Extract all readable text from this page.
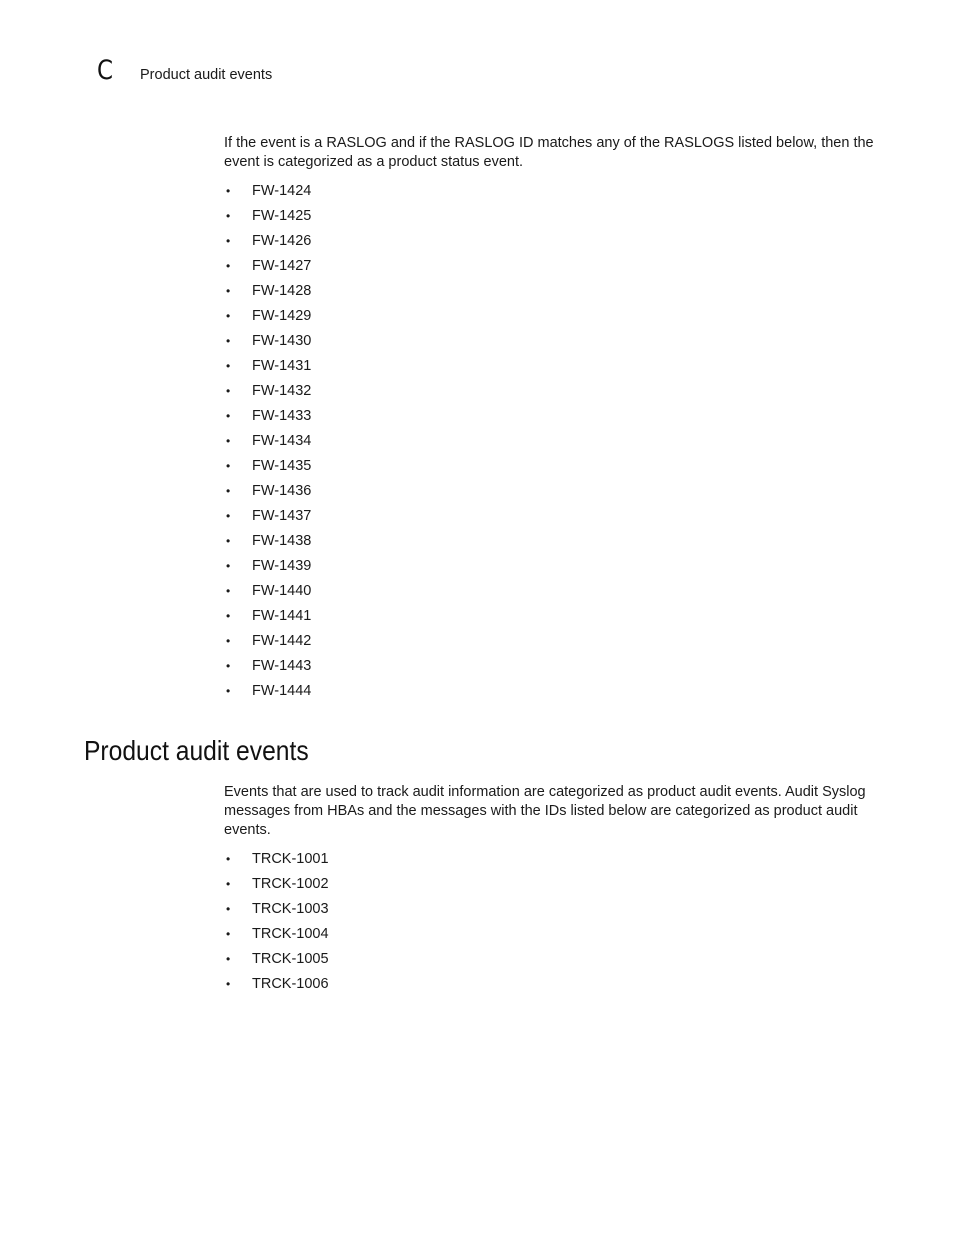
C	Product audit events

If the event is a RASLOG and if the RASLOG ID matches any of the RASLOGS listed below, then the event is categorized as a product status event.

•	FW-1424
•	FW-1425
•	FW-1426
•	FW-1427
•	FW-1428
•	FW-1429
•	FW-1430
•	FW-1431
•	FW-1432
•	FW-1433
•	FW-1434
•	FW-1435
•	FW-1436
•	FW-1437
•	FW-1438
•	FW-1439
•	FW-1440
•	FW-1441
•	FW-1442
•	FW-1443
•	FW-1444
Product audit events

Events that are used to track audit information are categorized as product audit events. Audit Syslog messages from HBAs and the messages with the IDs listed below are categorized as product audit events.

•	TRCK-1001
•	TRCK-1002
•	TRCK-1003
•	TRCK-1004
•	TRCK-1005
•	TRCK-1006
